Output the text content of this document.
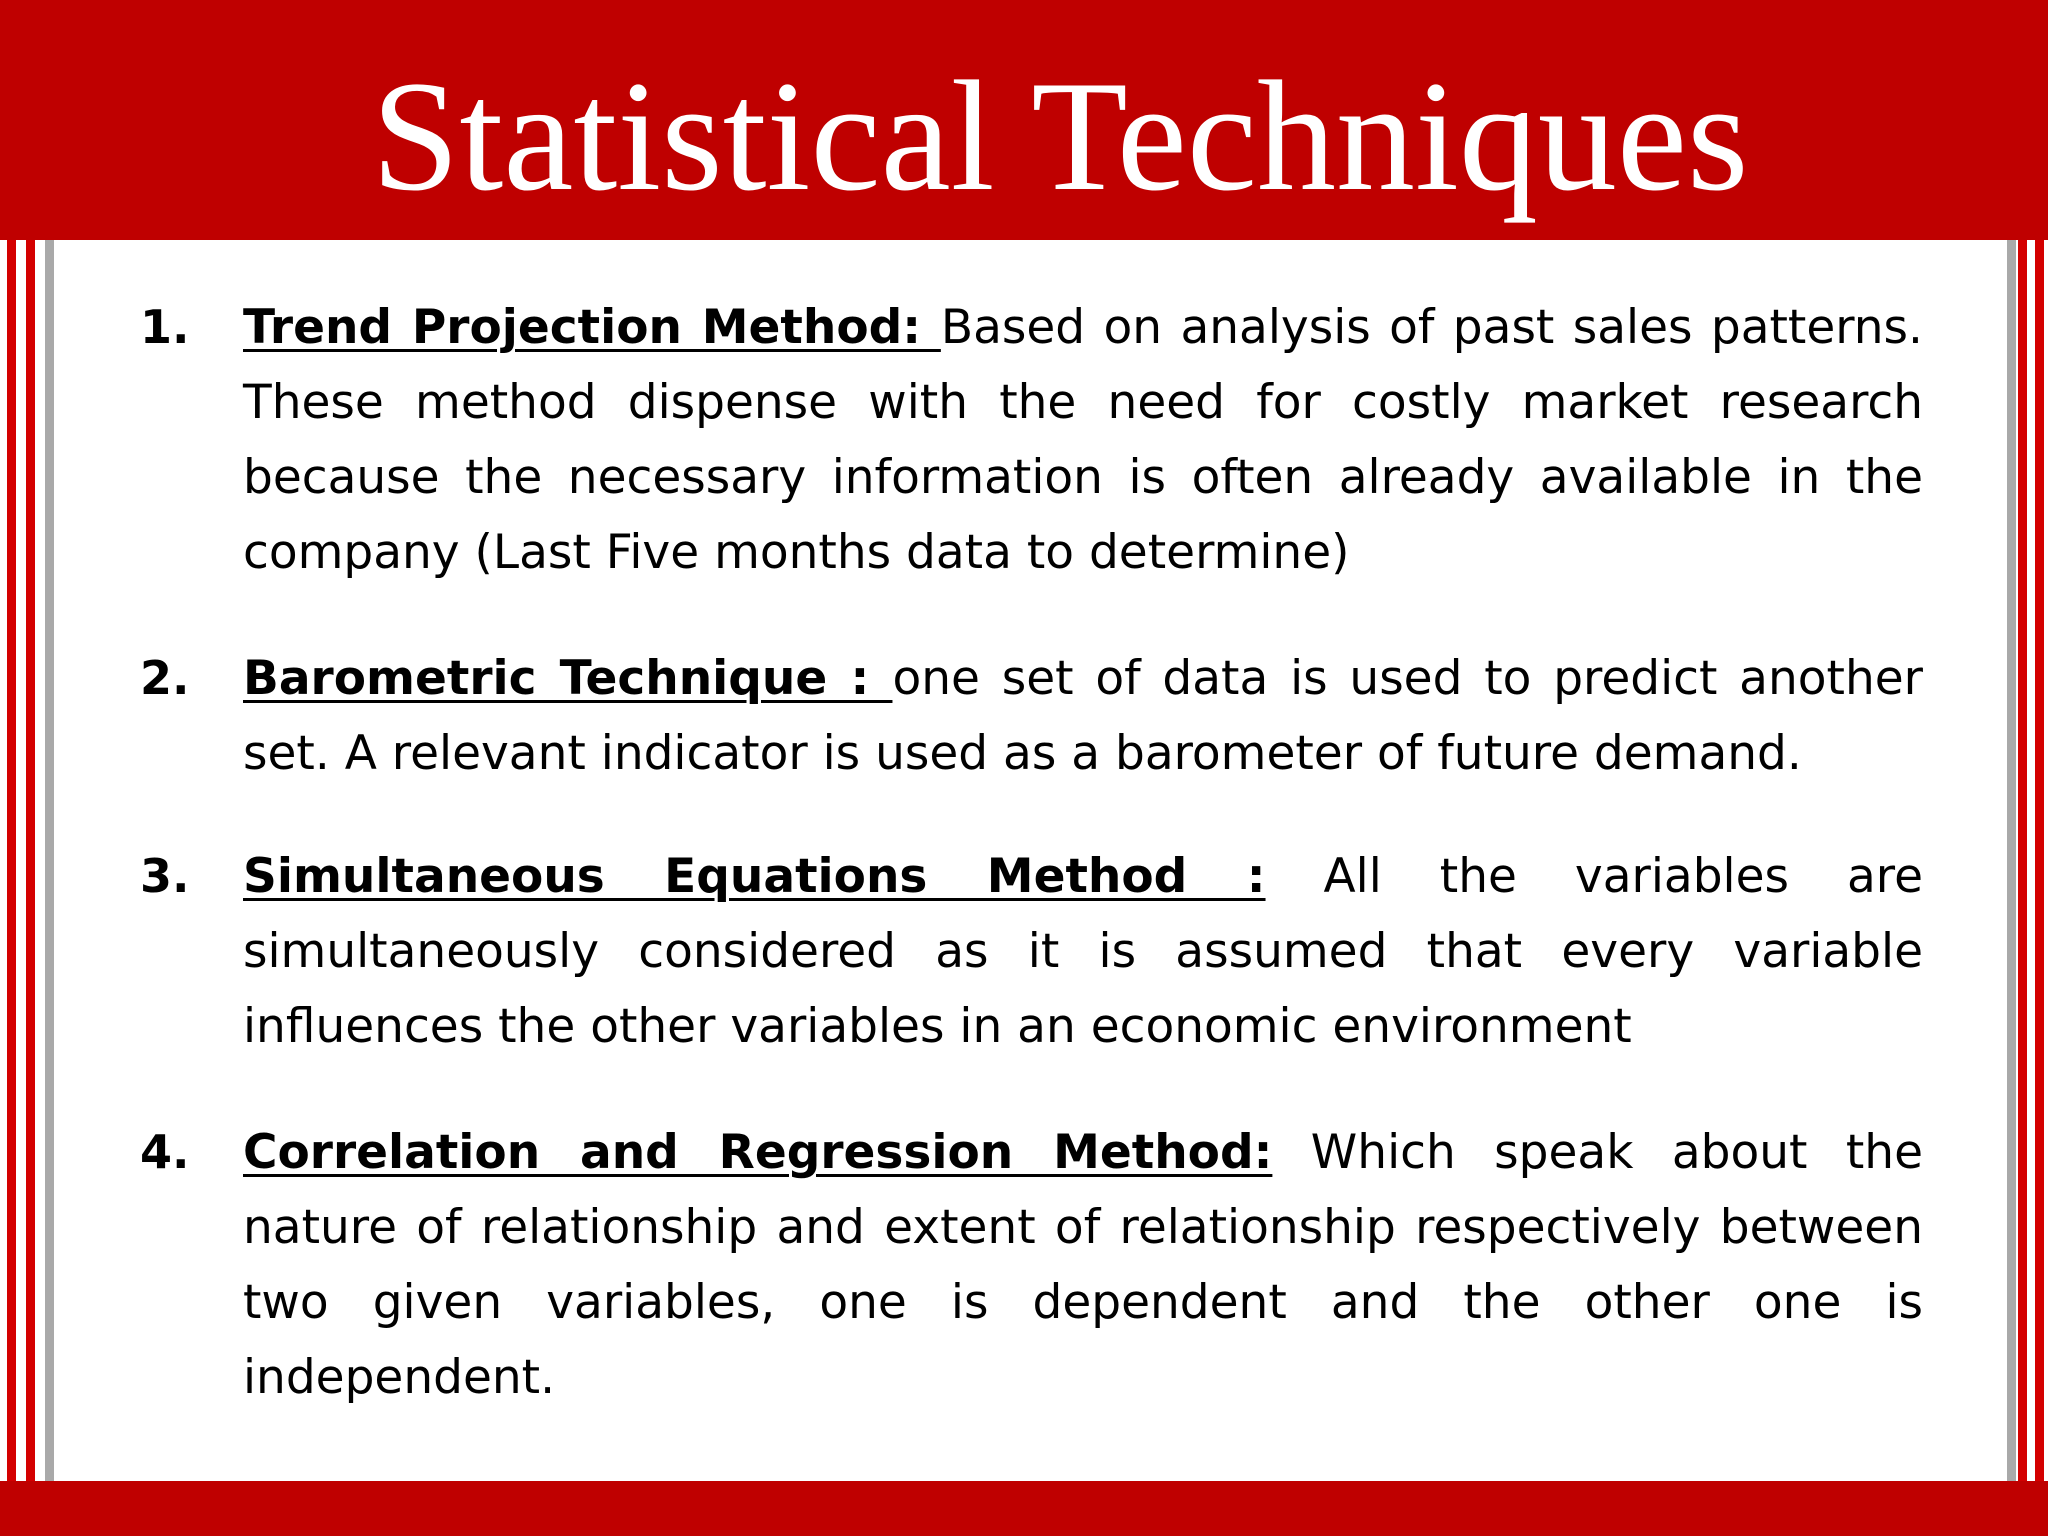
Statistical Techniques
1. Trend Projection Method: Based on analysis of past sales patterns. These method dispense with the need for costly market research because the necessary information is often already available in the company (Last Five months data to determine)
2. Barometric Technique : one set of data is used to predict another set. A relevant indicator is used as a barometer of future demand.
3. Simultaneous Equations Method : All the variables are simultaneously considered as it is assumed that every variable influences the other variables in an economic environment
4. Correlation and Regression Method: Which speak about the nature of relationship and extent of relationship respectively between two given variables, one is dependent and the other one is independent.
